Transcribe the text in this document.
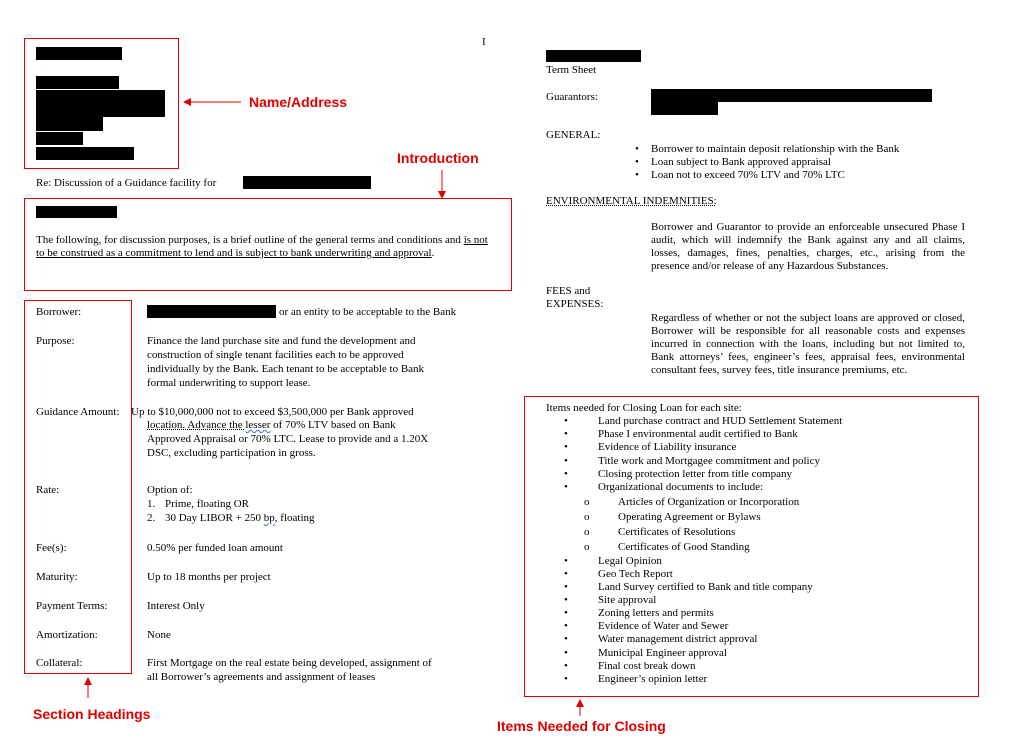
I
Name/Address
Introduction
Re: Discussion of a Guidance facility for
The following, for discussion purposes, is a brief outline of the general terms and conditions and is not to be construed as a commitment to lend and is subject to bank underwriting and approval.
Borrower:	or an entity to be acceptable to the Bank
Purpose:	Finance the land purchase site and fund the development and
construction of single tenant facilities each to be approved
individually by the Bank. Each tenant to be acceptable to Bank
formal underwriting to support lease.
Guidance Amount: Up to $10,000,000 not to exceed $3,500,000 per Bank approved
location. Advance the lesser of 70% LTV based on Bank
Approved Appraisal or 70% LTC. Lease to provide and a 1.20X
DSC, excluding participation in gross.
Rate:	Option of:
1. Prime, floating OR
2. 30 Day LIBOR + 250 bp, floating
Fee(s):	0.50% per funded loan amount
Maturity:	Up to 18 months per project
Payment Terms:	Interest Only
Amortization:	None
Collateral:	First Mortgage on the real estate being developed, assignment of
all Borrower’s agreements and assignment of leases
Section Headings
Term Sheet
Guarantors:
GENERAL:
• Borrower to maintain deposit relationship with the Bank
• Loan subject to Bank approved appraisal
• Loan not to exceed 70% LTV and 70% LTC
ENVIRONMENTAL INDEMNITIES:
Borrower and Guarantor to provide an enforceable unsecured Phase I audit, which will indemnify the Bank against any and all claims, losses, damages, fines, penalties, charges, etc., arising from the presence and/or release of any Hazardous Substances.
FEES and
EXPENSES:
Regardless of whether or not the subject loans are approved or closed, Borrower will be responsible for all reasonable costs and expenses incurred in connection with the loans, including but not limited to, Bank attorneys’ fees, engineer’s fees, appraisal fees, environmental consultant fees, survey fees, title insurance premiums, etc.
Items needed for Closing Loan for each site:
•	Land purchase contract and HUD Settlement Statement
•	Phase I environmental audit certified to Bank
•	Evidence of Liability insurance
•	Title work and Mortgagee commitment and policy
•	Closing protection letter from title company
•	Organizational documents to include:
o	Articles of Organization or Incorporation
o	Operating Agreement or Bylaws
o	Certificates of Resolutions
o	Certificates of Good Standing
•	Legal Opinion
•	Geo Tech Report
•	Land Survey certified to Bank and title company
•	Site approval
•	Zoning letters and permits
•	Evidence of Water and Sewer
•	Water management district approval
•	Municipal Engineer approval
•	Final cost break down
•	Engineer’s opinion letter
Items Needed for Closing
